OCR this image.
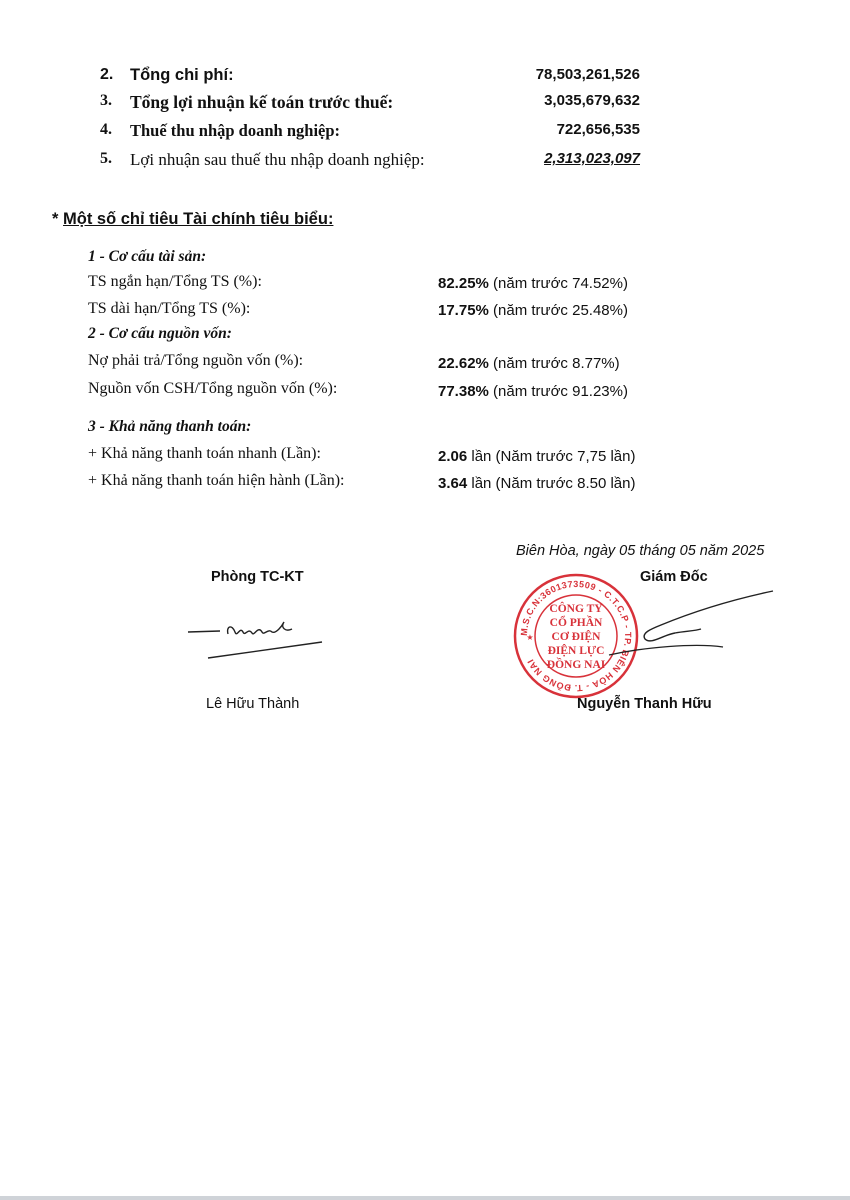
2. Tổng chi phí:	78,503,261,526
3. Tổng lợi nhuận kế toán trước thuế:	3,035,679,632
4. Thuế thu nhập doanh nghiệp:	722,656,535
5. Lợi nhuận sau thuế thu nhập doanh nghiệp:	2,313,023,097
* Một số chỉ tiêu Tài chính tiêu biểu:
1 - Cơ cấu tài sản:
TS ngắn hạn/Tổng TS (%):	82.25% (năm trước 74.52%)
TS dài hạn/Tổng TS (%):	17.75% (năm trước 25.48%)
2 - Cơ cấu nguồn vốn:
Nợ phải trả/Tổng nguồn vốn (%):	22.62% (năm trước 8.77%)
Nguồn vốn CSH/Tổng nguồn vốn (%):	77.38% (năm trước 91.23%)
3 - Khả năng thanh toán:
+ Khả năng thanh toán nhanh (Lần):	2.06 lần (Năm trước 7,75 lần)
+ Khả năng thanh toán hiện hành (Lần):	3.64 lần (Năm trước 8.50 lần)
Biên Hòa, ngày 05 tháng 05 năm 2025
Phòng TC-KT
Lê Hữu Thành
M.S.C.N:3601373509 - C.T.C.P - TP. BIÊN HÒA - T. ĐỒNG NAI
CÔNG TY
CỔ PHẦN
CƠ ĐIỆN
ĐIỆN LỰC
ĐỒNG NAI
★
Giám Đốc
Nguyễn Thanh Hữu
